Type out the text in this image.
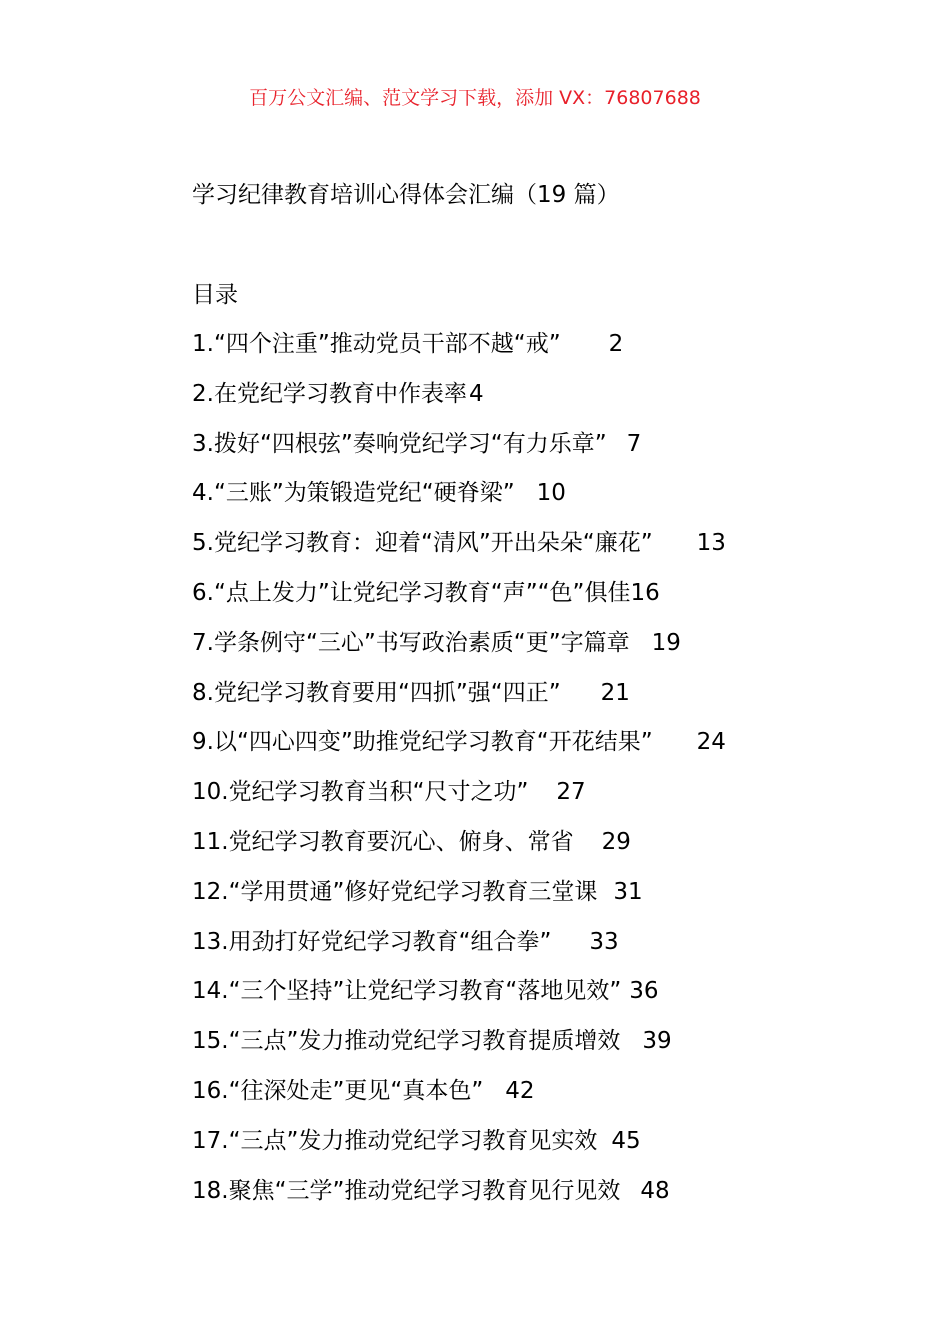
百万公文汇编、范文学习下载，添加 VX：76807688
学习纪律教育培训心得体会汇编（19 篇）
目录
1.“四个注重”推动党员干部不越“戒” 2
2.在党纪学习教育中作表率4
3.拨好“四根弦”奏响党纪学习“有力乐章” 7
4.“三账”为策锻造党纪“硬脊梁” 10
5.党纪学习教育：迎着“清风”开出朵朵“廉花” 13
6.“点上发力”让党纪学习教育“声”“色”俱佳16
7.学条例守“三心”书写政治素质“更”字篇章 19
8.党纪学习教育要用“四抓”强“四正” 21
9.以“四心四变”助推党纪学习教育“开花结果” 24
10.党纪学习教育当积“尺寸之功” 27
11.党纪学习教育要沉心、俯身、常省 29
12.“学用贯通”修好党纪学习教育三堂课 31
13.用劲打好党纪学习教育“组合拳” 33
14.“三个坚持”让党纪学习教育“落地见效” 36
15.“三点”发力推动党纪学习教育提质增效 39
16.“往深处走”更见“真本色” 42
17.“三点”发力推动党纪学习教育见实效 45
18.聚焦“三学”推动党纪学习教育见行见效 48
